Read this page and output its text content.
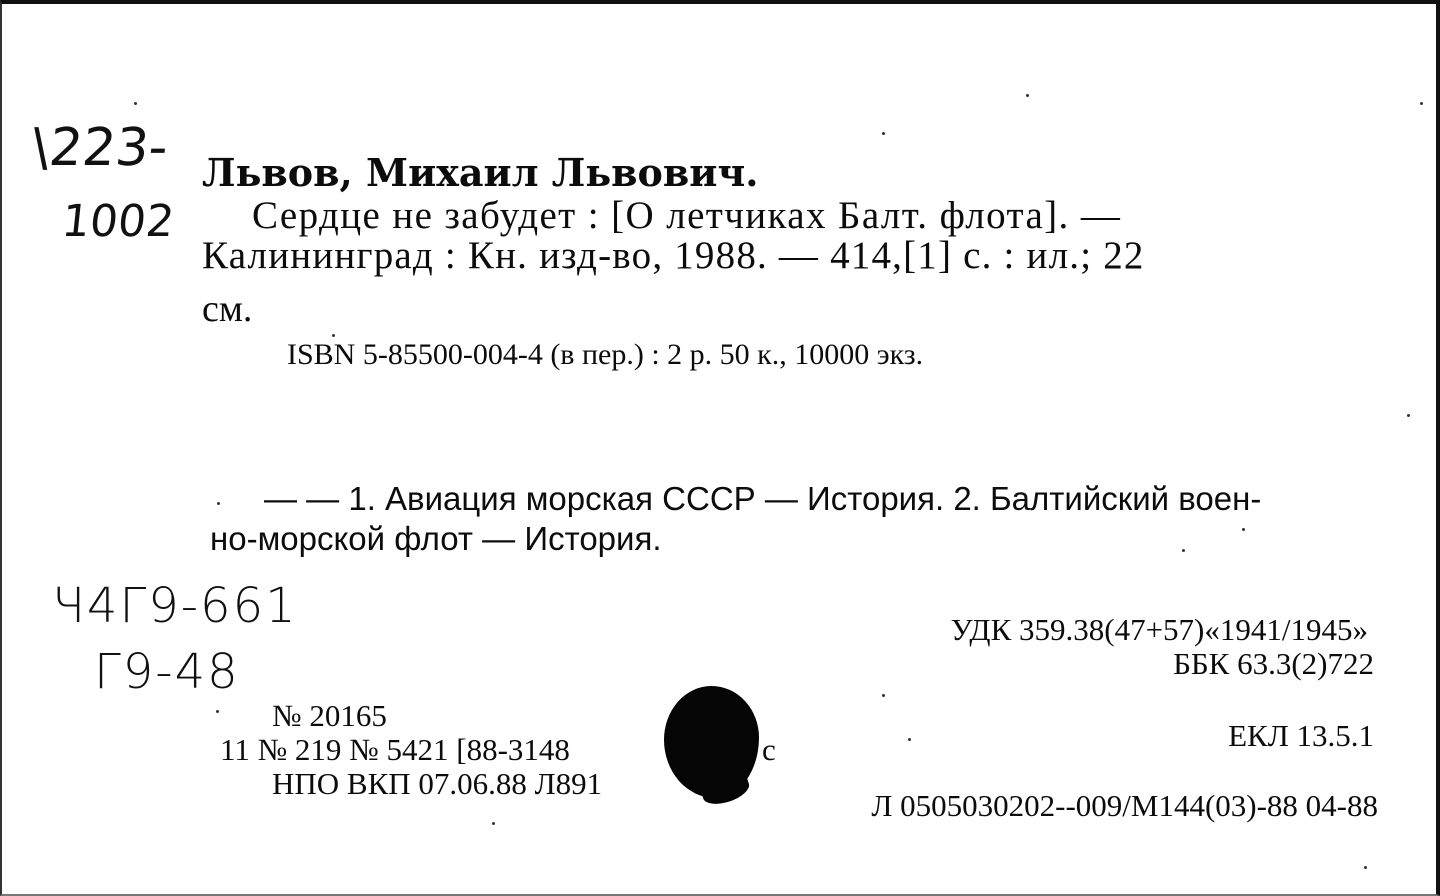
\223-
1002
Ч4Г9-661
Г9-48
Львов, Михаил Львович.
Сердце не забудет : [О летчиках Балт. флота]. —
Калининград : Кн. изд-во, 1988. — 414,[1] с. : ил.; 22
см.
ISBN 5-85500-004-4 (в пер.) : 2 р. 50 к., 10000 экз.
— — 1. Авиация морская СССР — История. 2. Балтийский воен-
но-морской флот — История.
УДК 359.38(47+57)«1941/1945»
ББК 63.3(2)722
ЕКЛ 13.5.1
№ 20165
11 № 219 № 5421 [88-3148	с
НПО ВКП 07.06.88 Л891
Л 0505030202--009/М144(03)-88 04-88
